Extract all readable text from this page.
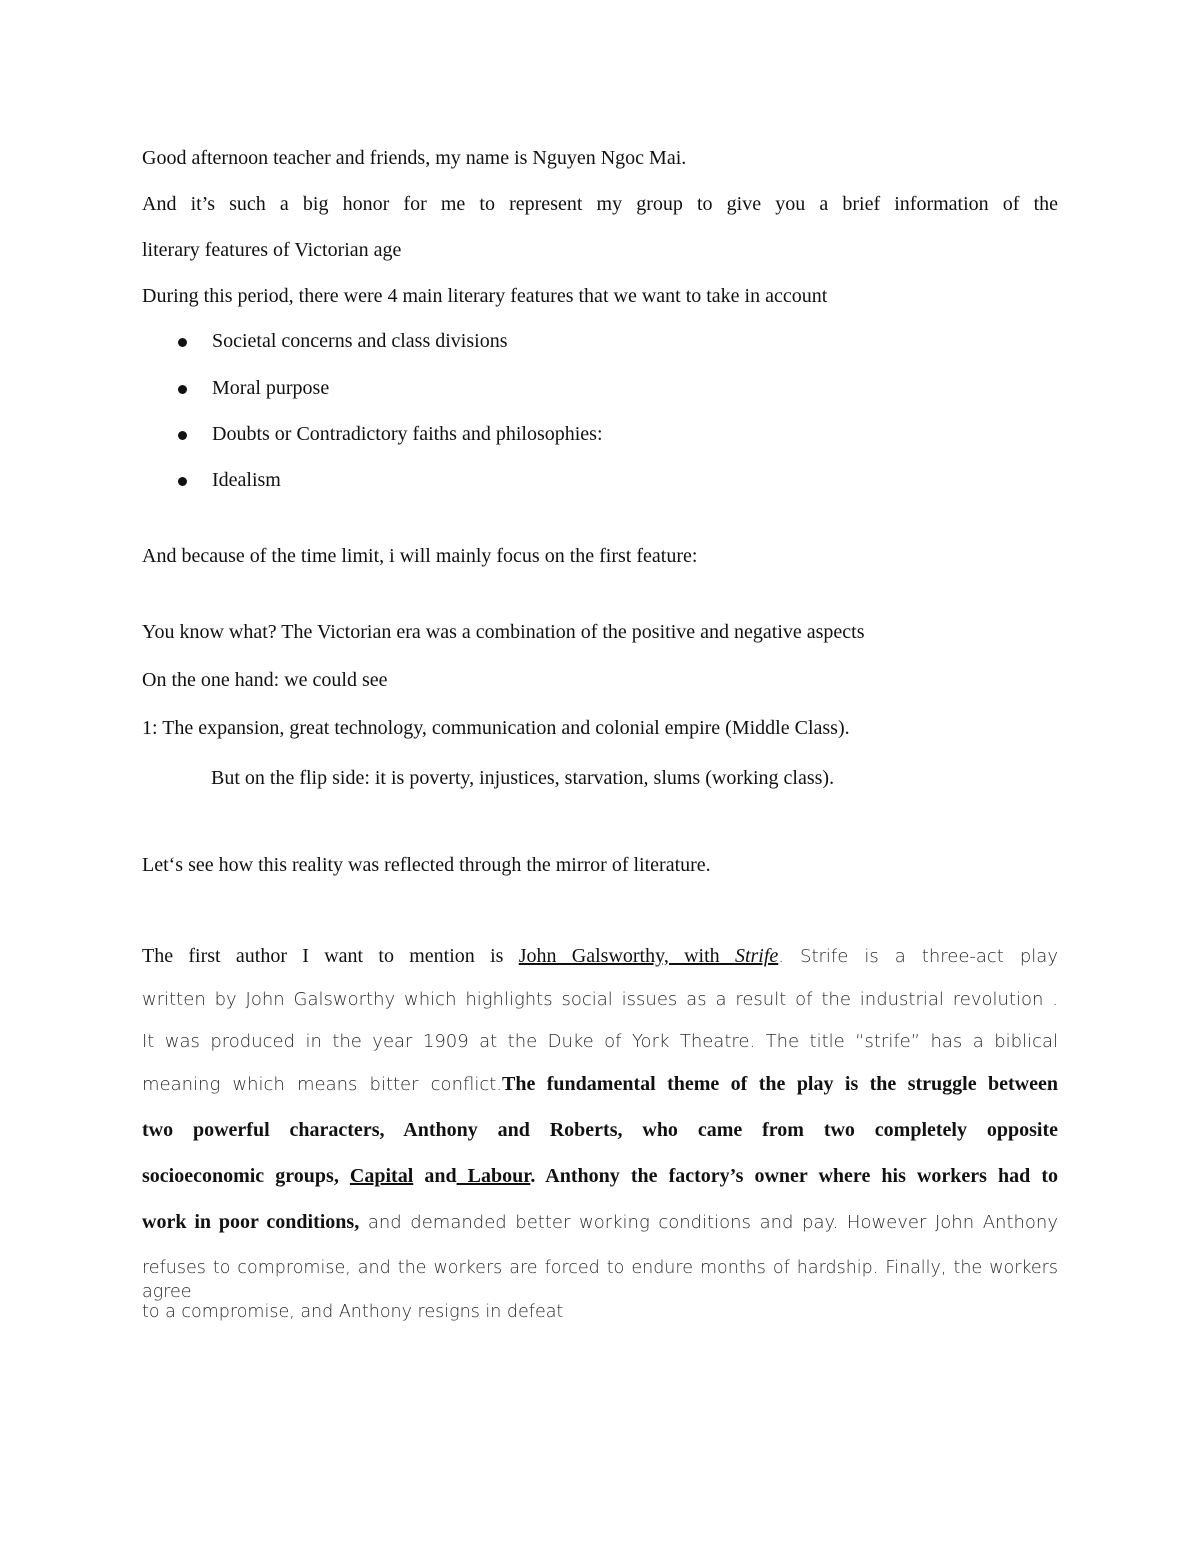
Good afternoon teacher and friends, my name is Nguyen Ngoc Mai.
And it’s such a big honor for me to represent my group to give you a brief information of the
literary features of Victorian age
During this period, there were 4 main literary features that we want to take in account
Societal concerns and class divisions
Moral purpose
Doubts or Contradictory faiths and philosophies:
Idealism
And because of the time limit, i will mainly focus on the first feature:
You know what? The Victorian era was a combination of the positive and negative aspects
On the one hand: we could see
1: The expansion, great technology, communication and colonial empire (Middle Class).
But on the flip side: it is poverty, injustices, starvation, slums (working class).
Let‘s see how this reality was reflected through the mirror of literature.
The first author I want to mention is John Galsworthy, with Strife. Strife is a three-act play
written by John Galsworthy which highlights social issues as a result of the industrial revolution .
It was produced in the year 1909 at the Duke of York Theatre. The title “strife” has a biblical
meaning which means bitter conflict.The fundamental theme of the play is the struggle between
two powerful characters, Anthony and Roberts, who came from two completely opposite
socioeconomic groups, Capital and Labour. Anthony the factory’s owner where his workers had to
work in poor conditions, and demanded better working conditions and pay. However John Anthony
refuses to compromise, and the workers are forced to endure months of hardship. Finally, the workers agree
to a compromise, and Anthony resigns in defeat
